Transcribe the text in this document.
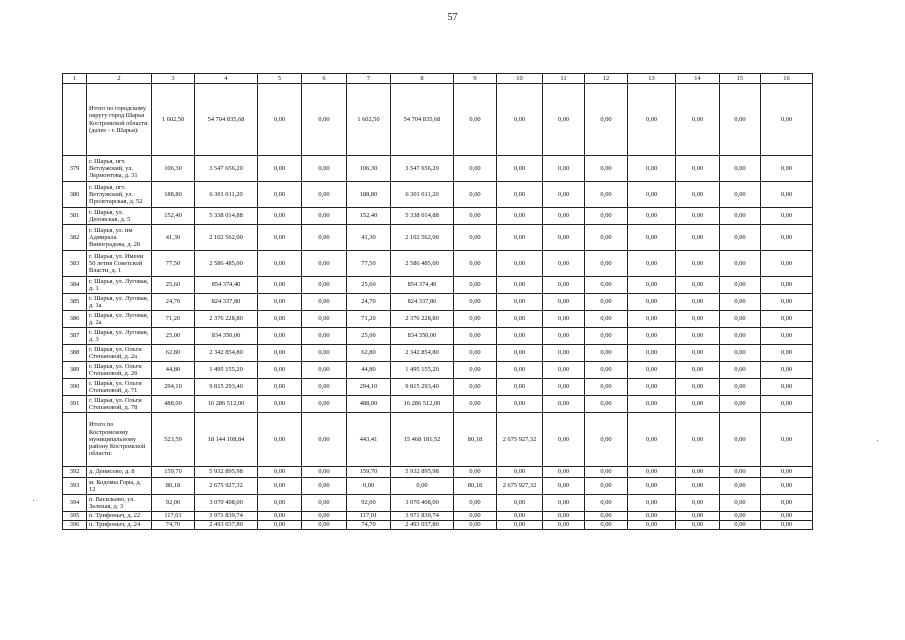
57
1	2	3	4	5	6	7	8	9	10	11	12	13	14	15	16
	Итого по городскому округу город Шарья Костромской области (далее - г. Шарья):	1 602,50	54 704 835,68	0,00	0,00	1 602,50	54 704 835,68	0,00	0,00	0,00	0,00	0,00	0,00	0,00	0,00
379	г. Шарья, пгт. Ветлужский, ул. Лермонтова, д. 31	106,30	3 547 656,20	0,00	0,00	106,30	3 547 656,20	0,00	0,00	0,00	0,00	0,00	0,00	0,00	0,00
380	г. Шарья, пгт. Ветлужский, ул. Пролетарская, д. 52	188,80	6 301 011,20	0,00	0,00	188,80	6 301 011,20	0,00	0,00	0,00	0,00	0,00	0,00	0,00	0,00
381	г. Шарья, ул. Деповская, д. 5	152,40	5 338 014,88	0,00	0,00	152,40	5 338 014,88	0,00	0,00	0,00	0,00	0,00	0,00	0,00	0,00
382	г. Шарья, ул. им Адмирала Виноградова, д. 20	41,30	2 102 562,00	0,00	0,00	41,30	2 102 562,00	0,00	0,00	0,00	0,00	0,00	0,00	0,00	0,00
383	г. Шарья, ул. Имени 50 летия Советской Власти, д. 1	77,50	2 586 485,00	0,00	0,00	77,50	2 586 485,00	0,00	0,00	0,00	0,00	0,00	0,00	0,00	0,00
384	г. Шарья, ул. Луговая, д. 1	25,60	854 374,40	0,00	0,00	25,60	854 374,40	0,00	0,00	0,00	0,00	0,00	0,00	0,00	0,00
385	г. Шарья, ул. Луговая, д. 1а	24,70	824 337,80	0,00	0,00	24,70	824 337,80	0,00	0,00	0,00	0,00	0,00	0,00	0,00	0,00
386	г. Шарья, ул. Луговая, д. 2а	71,20	2 376 228,80	0,00	0,00	71,20	2 376 228,80	0,00	0,00	0,00	0,00	0,00	0,00	0,00	0,00
387	г. Шарья, ул. Луговая, д. 3	25,00	834 350,00	0,00	0,00	25,00	834 350,00	0,00	0,00	0,00	0,00	0,00	0,00	0,00	0,00
388	г. Шарья, ул. Ольги Степановой, д. 2а	62,80	2 342 854,80	0,00	0,00	62,80	2 342 854,80	0,00	0,00	0,00	0,00	0,00	0,00	0,00	0,00
389	г. Шарья, ул. Ольги Степановой, д. 2б	44,80	1 495 155,20	0,00	0,00	44,80	1 495 155,20	0,00	0,00	0,00	0,00	0,00	0,00	0,00	0,00
390	г. Шарья, ул. Ольги Степановой, д. 71	294,10	9 815 293,40	0,00	0,00	294,10	9 815 293,40	0,00	0,00	0,00	0,00	0,00	0,00	0,00	0,00
391	г. Шарья, ул. Ольги Степановой, д. 78	488,00	16 286 512,00	0,00	0,00	488,00	16 286 512,00	0,00	0,00	0,00	0,00	0,00	0,00	0,00	0,00
	Итого по Костромскому муниципальному району Костромской области:	523,59	18 144 108,84	0,00	0,00	443,41	15 468 181,52	80,18	2 675 927,32	0,00	0,00	0,00	0,00	0,00	0,00
392	д. Денисово, д. 8	159,70	5 932 895,98	0,00	0,00	159,70	5 932 895,98	0,00	0,00	0,00	0,00	0,00	0,00	0,00	0,00
393	м. Кодомы Горы, д. 12	80,18	2 675 927,32	0,00	0,00	0,00	0,00	80,18	2 675 927,32	0,00	0,00	0,00	0,00	0,00	0,00
394	п. Васильево, ул. Зеленая, д. 3	92,00	3 070 408,00	0,00	0,00	92,00	3 070 408,00	0,00	0,00	0,00	0,00	0,00	0,00	0,00	0,00
395	п. Трифоныч, д. 22	117,01	3 971 839,74	0,00	0,00	117,01	3 971 839,74	0,00	0,00	0,00	0,00	0,00	0,00	0,00	0,00
396	п. Трифоныч, д. 24	74,70	2 493 037,80	0,00	0,00	74,70	2 493 037,80	0,00	0,00	0,00	0,00	0,00	0,00	0,00	0,00
